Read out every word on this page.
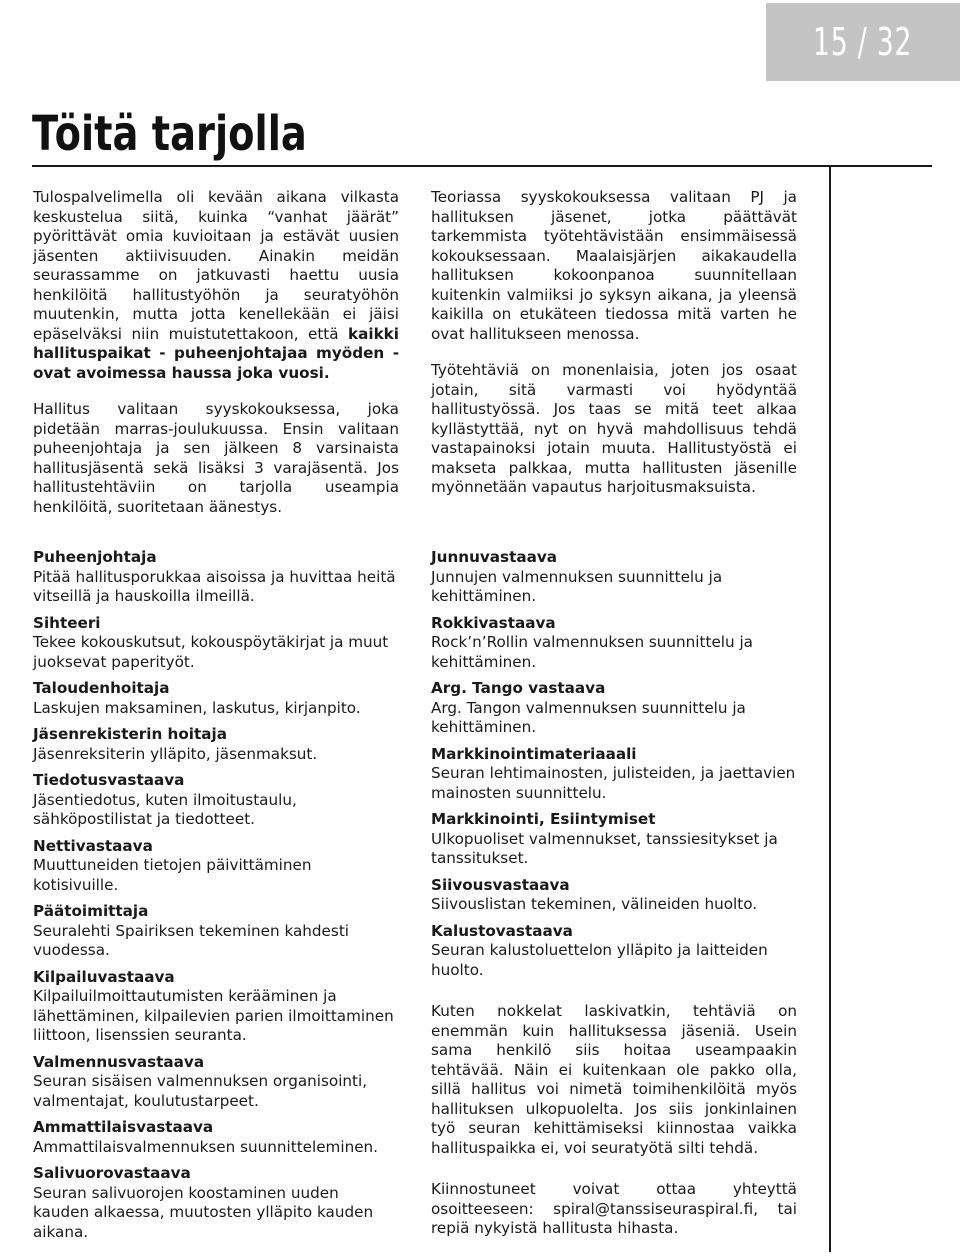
15 / 32
Töitä tarjolla

Tulospalvelimella oli kevään aikana vilkasta keskustelua siitä, kuinka “vanhat jäärät” pyörittävät omia kuvioitaan ja estävät uusien jäsenten aktiivisuuden. Ainakin meidän seurassamme on jatkuvasti haettu uusia henkilöitä hallitustyöhön ja seuratyöhön muutenkin, mutta jotta kenellekään ei jäisi epäselväksi niin muistutettakoon, että kaikki hallituspaikat - puheenjohtajaa myöden - ovat avoimessa haussa joka vuosi.

Hallitus valitaan syyskokouksessa, joka pidetään marras-joulukuussa. Ensin valitaan puheenjohtaja ja sen jälkeen 8 varsinaista hallitusjäsentä sekä lisäksi 3 varajäsentä. Jos hallitustehtäviin on tarjolla useampia henkilöitä, suoritetaan äänestys.

Teoriassa syyskokouksessa valitaan PJ ja hallituksen jäsenet, jotka päättävät tarkemmista työtehtävistään ensimmäisessä kokouksessaan. Maalaisjärjen aikakaudella hallituksen kokoonpanoa suunnitellaan kuitenkin valmiiksi jo syksyn aikana, ja yleensä kaikilla on etukäteen tiedossa mitä varten he ovat hallitukseen menossa.

Työtehtäviä on monenlaisia, joten jos osaat jotain, sitä varmasti voi hyödyntää hallitustyössä. Jos taas se mitä teet alkaa kyllästyttää, nyt on hyvä mahdollisuus tehdä vastapainoksi jotain muuta. Hallitustyöstä ei makseta palkkaa, mutta hallitusten jäsenille myönnetään vapautus harjoitusmaksuista.

Puheenjohtaja
Pitää hallitusporukkaa aisoissa ja huvittaa heitä vitseillä ja hauskoilla ilmeillä.
Sihteeri
Tekee kokouskutsut, kokouspöytäkirjat ja muut juoksevat paperityöt.
Taloudenhoitaja
Laskujen maksaminen, laskutus, kirjanpito.
Jäsenrekisterin hoitaja
Jäsenreksiterin ylläpito, jäsenmaksut.
Tiedotusvastaava
Jäsentiedotus, kuten ilmoitustaulu, sähköpostilistat ja tiedotteet.
Nettivastaava
Muuttuneiden tietojen päivittäminen kotisivuille.
Päätoimittaja
Seuralehti Spairiksen tekeminen kahdesti vuodessa.
Kilpailuvastaava
Kilpailuilmoittautumisten kerääminen ja lähettäminen, kilpailevien parien ilmoittaminen liittoon, lisenssien seuranta.
Valmennusvastaava
Seuran sisäisen valmennuksen organisointi, valmentajat, koulutustarpeet.
Ammattilaisvastaava
Ammattilaisvalmennuksen suunnitteleminen.
Salivuorovastaava
Seuran salivuorojen koostaminen uuden kauden alkaessa, muutosten ylläpito kauden aikana.
Junnuvastaava
Junnujen valmennuksen suunnittelu ja kehittäminen.
Rokkivastaava
Rock’n’Rollin valmennuksen suunnittelu ja kehittäminen.
Arg. Tango vastaava
Arg. Tangon valmennuksen suunnittelu ja kehittäminen.
Markkinointimateriaaali
Seuran lehtimainosten, julisteiden, ja jaettavien mainosten suunnittelu.
Markkinointi, Esiintymiset
Ulkopuoliset valmennukset, tanssiesitykset ja tanssitukset.
Siivousvastaava
Siivouslistan tekeminen, välineiden huolto.
Kalustovastaava
Seuran kalustoluettelon ylläpito ja laitteiden huolto.

Kuten nokkelat laskivatkin, tehtäviä on enemmän kuin hallituksessa jäseniä. Usein sama henkilö siis hoitaa useampaakin tehtävää. Näin ei kuitenkaan ole pakko olla, sillä hallitus voi nimetä toimihenkilöitä myös hallituksen ulkopuolelta. Jos siis jonkinlainen työ seuran kehittämiseksi kiinnostaa vaikka hallituspaikka ei, voi seuratyötä silti tehdä.

Kiinnostuneet voivat ottaa yhteyttä osoitteeseen: spiral@tanssiseuraspiral.fi, tai repiä nykyistä hallitusta hihasta.
